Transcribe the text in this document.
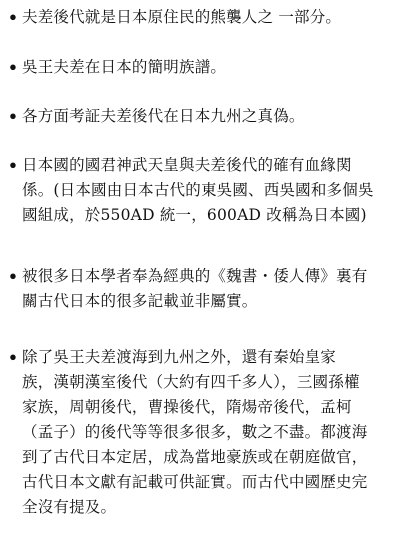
• 夫差後代就是日本原住民的熊襲人之 一部分。
• 吳王夫差在日本的簡明族譜。
• 各方面考証夫差後代在日本九州之真偽。
• 日本國的國君神武天皇與夫差後代的確有血緣関
係。(日本國由日本古代的東吳國、西吳國和多個吳
國組成，於550AD 統一，600AD 改稱為日本國)
• 被很多日本學者奉為經典的《魏書・倭人傳》裏有
關古代日本的很多記載並非屬實。
• 除了吳王夫差渡海到九州之外，還有秦始皇家
族，漢朝漢室後代（大約有四千多人），三國孫權
家族，周朝後代，曹操後代，隋煬帝後代，孟柯
（孟子）的後代等等很多很多，數之不盡。都渡海
到了古代日本定居，成為當地豪族或在朝庭做官，
古代日本文獻有記載可供証實。而古代中國歷史完
全沒有提及。
